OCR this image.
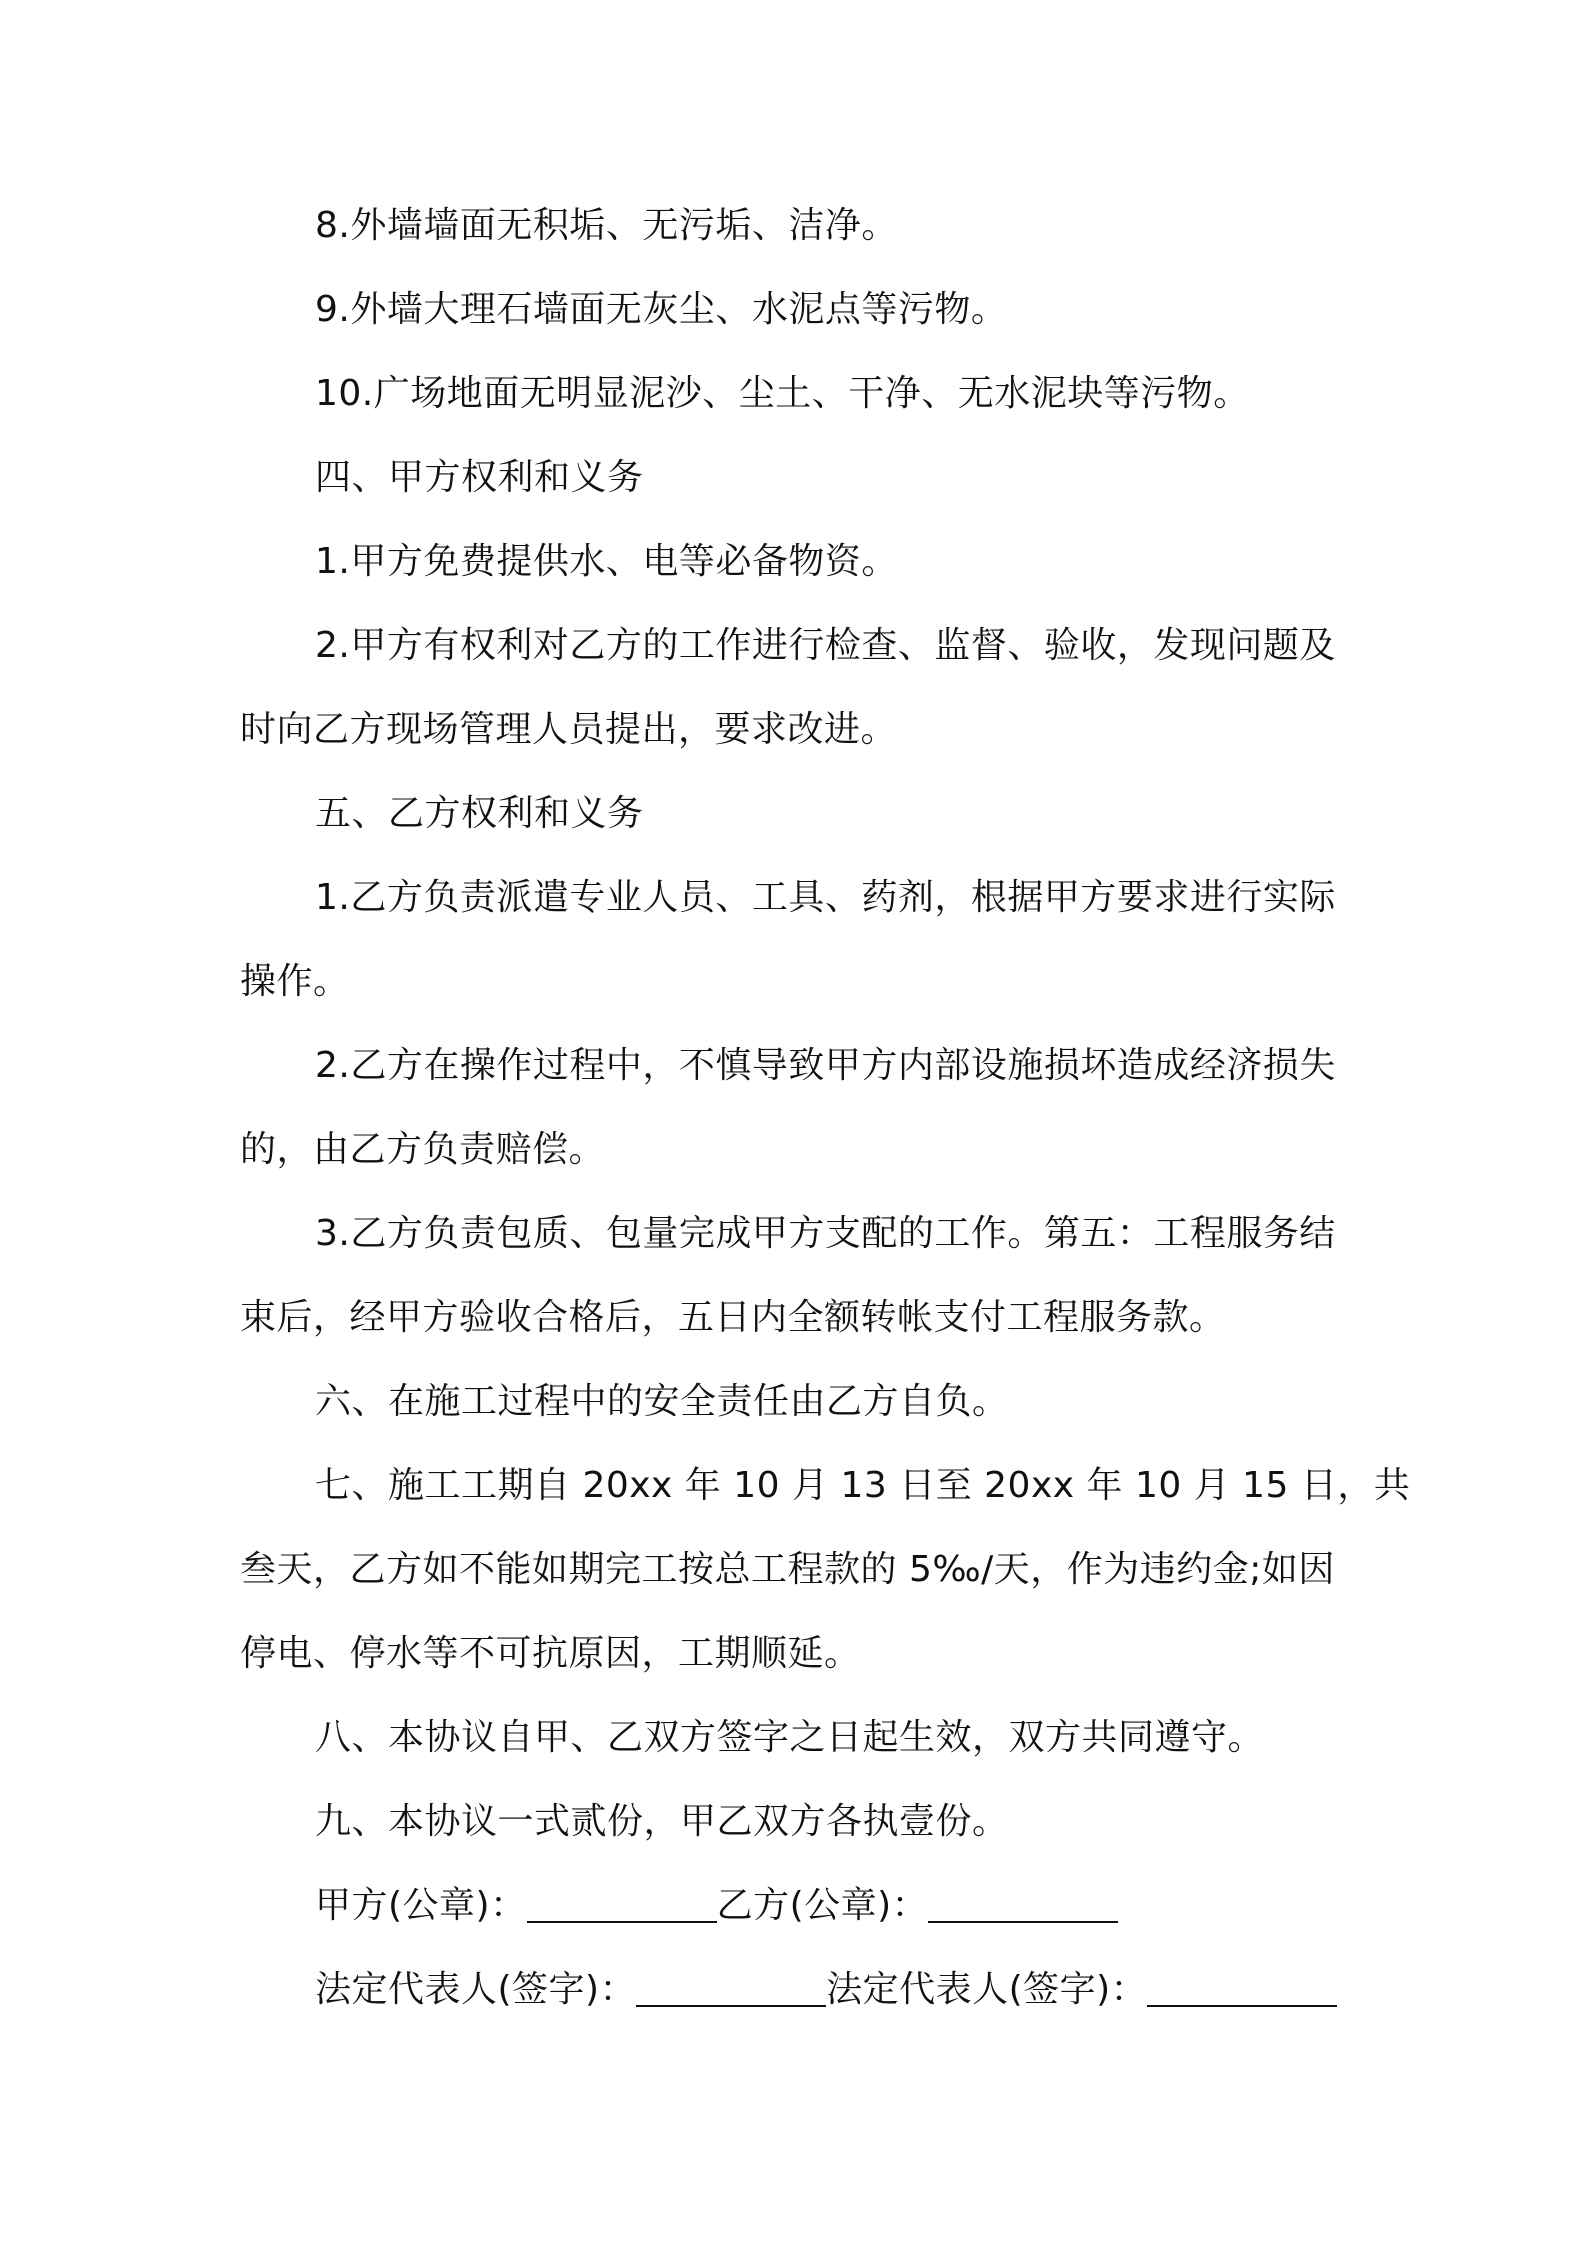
8.外墙墙面无积垢、无污垢、洁净。
9.外墙大理石墙面无灰尘、水泥点等污物。
10.广场地面无明显泥沙、尘土、干净、无水泥块等污物。
四、甲方权利和义务
1.甲方免费提供水、电等必备物资。
2.甲方有权利对乙方的工作进行检查、监督、验收，发现问题及
时向乙方现场管理人员提出，要求改进。
五、乙方权利和义务
1.乙方负责派遣专业人员、工具、药剂，根据甲方要求进行实际
操作。
2.乙方在操作过程中，不慎导致甲方内部设施损坏造成经济损失
的，由乙方负责赔偿。
3.乙方负责包质、包量完成甲方支配的工作。第五：工程服务结
束后，经甲方验收合格后，五日内全额转帐支付工程服务款。
六、在施工过程中的安全责任由乙方自负。
七、施工工期自 20xx 年 10 月 13 日至 20xx 年 10 月 15 日，共
叁天，乙方如不能如期完工按总工程款的 5‰/天，作为违约金;如因
停电、停水等不可抗原因，工期顺延。
八、本协议自甲、乙双方签字之日起生效，双方共同遵守。
九、本协议一式贰份，甲乙双方各执壹份。
甲方(公章)：	乙方(公章)：
法定代表人(签字)：	法定代表人(签字)：
